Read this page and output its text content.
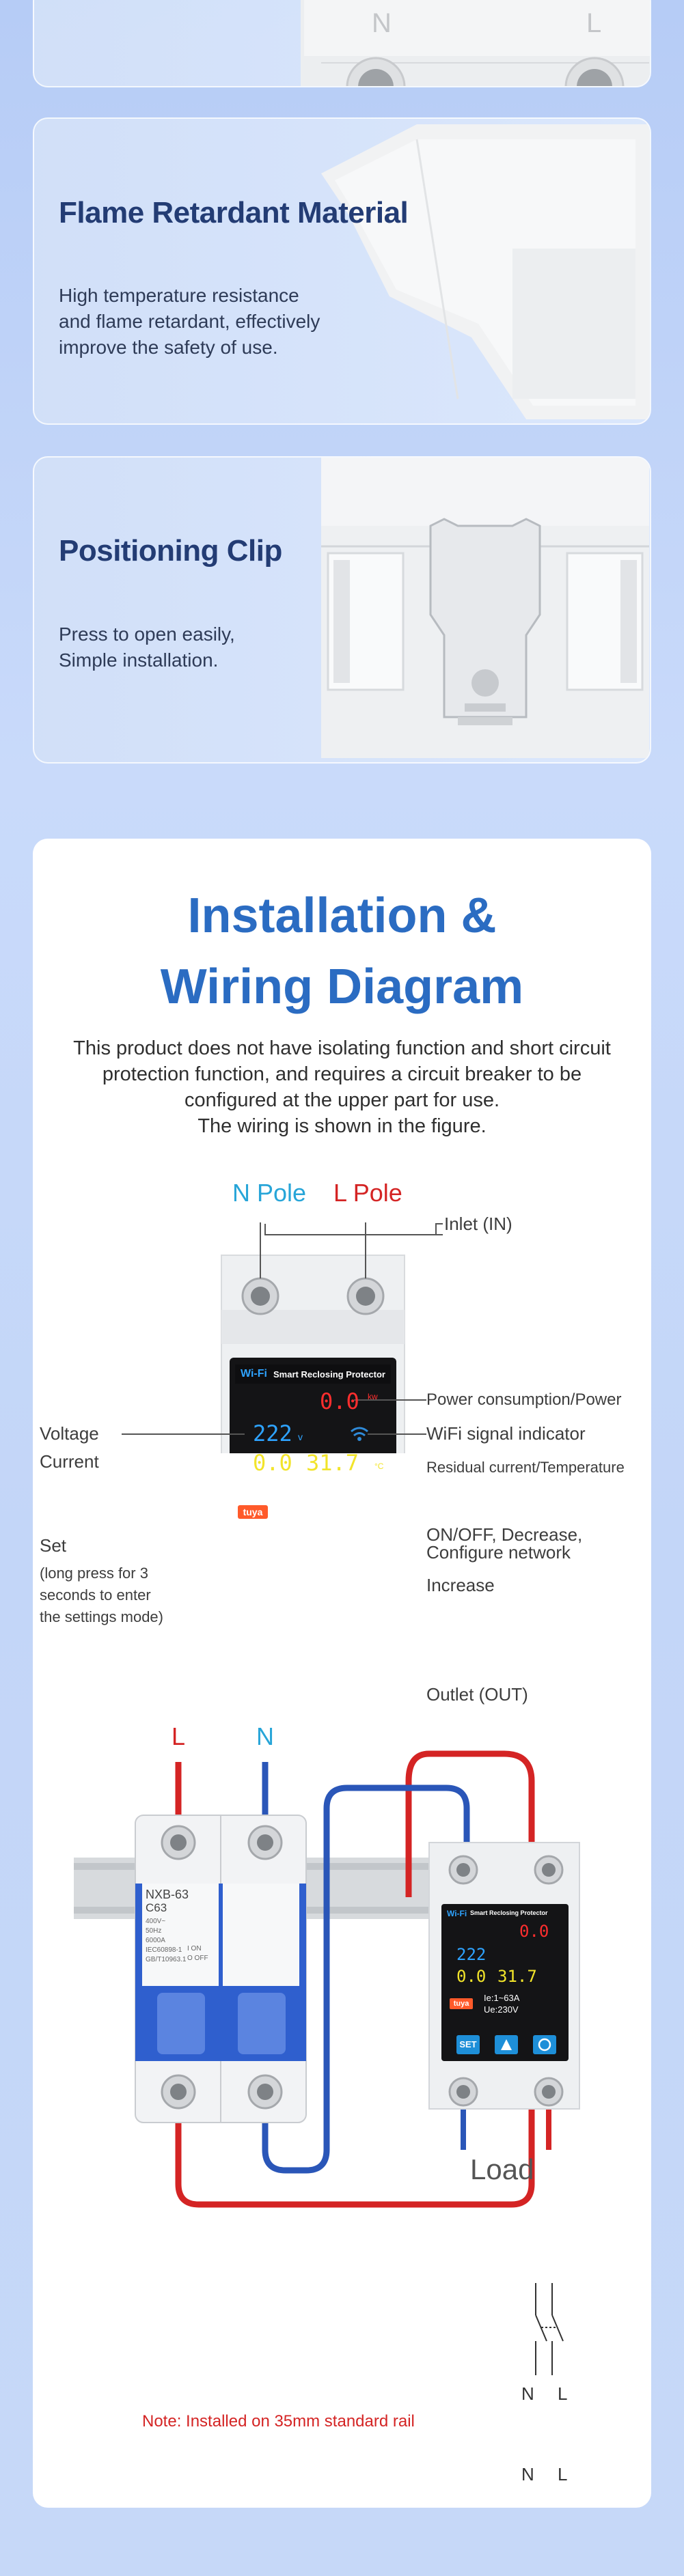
N	L
Flame Retardant Material
High temperature resistance
and flame retardant, effectively
improve the safety of use.
Positioning Clip
Press to open easily,
Simple installation.
Installation &
Wiring Diagram
This product does not have isolating function and short circuit protection function, and requires a circuit breaker to be configured at the upper part for use.
The wiring is shown in the figure.
Wi-Fi Smart Reclosing Protector
0.0 kw
222 v
0.0 31.7 °C
Powered by
tuya
Ie:1~63A
Ue:230V
SET
N Pole L Pole
Inlet (IN)
Power consumption/Power
WiFi signal indicator
Residual current/Temperature
Voltage
Current
Set
(long press for 3
seconds to enter
the settings mode)
ON/OFF, Decrease,
Configure network
Increase
Outlet (OUT)
L	N
NXB-63
C63
400V~
50Hz
6000A
IEC60898-1
GB/T10963.1
I ON
O OFF
Wi-Fi Smart Reclosing Protector
0.0
222
0.0 31.7
tuya
Ie:1~63A
Ue:230V
SET
Load
Note: Installed on 35mm standard rail
N L
N L
